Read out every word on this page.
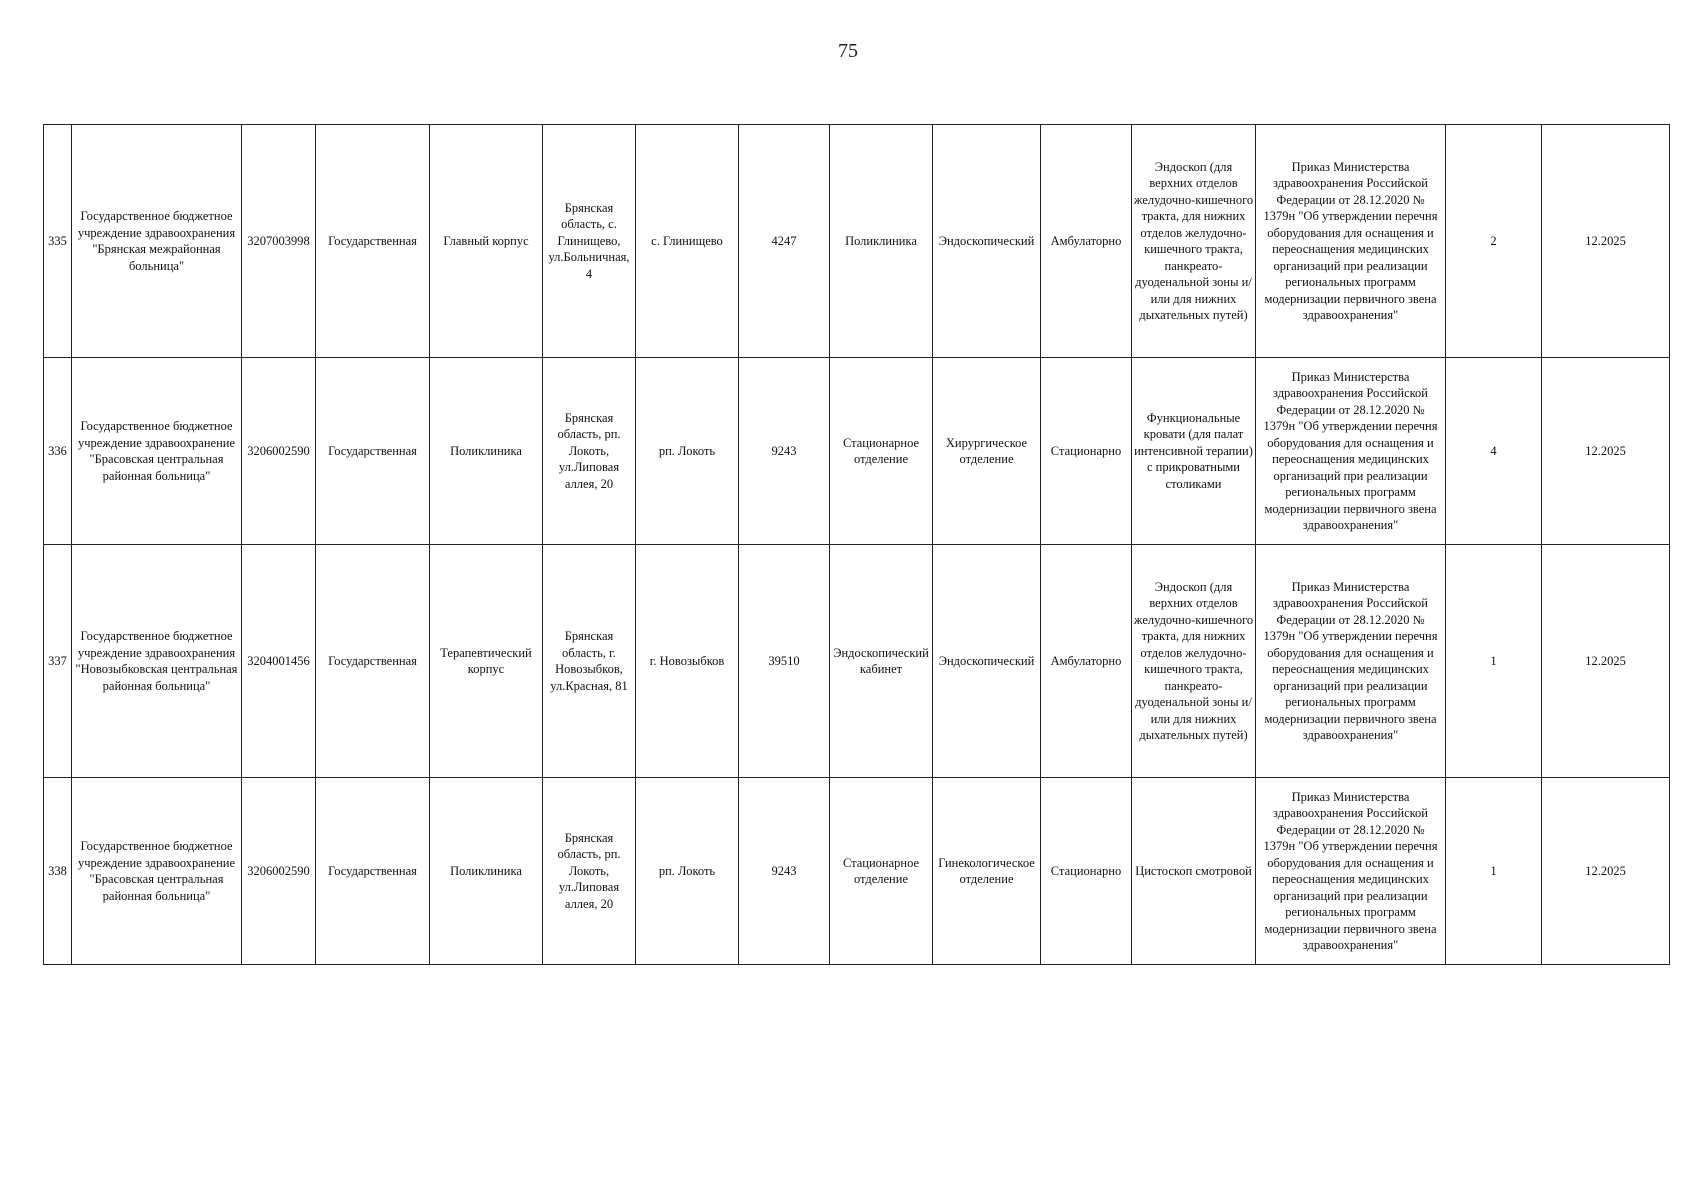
75
335	Государственное бюджетное учреждение здравоохранения "Брянская межрайонная больница"	3207003998	Государственная	Главный корпус	Брянская область, с. Глинищево, ул.Больничная, 4	с. Глинищево	4247	Поликлиника	Эндоскопический	Амбулаторно	Эндоскоп (для верхних отделов желудочно-кишечного тракта, для нижних отделов желудочно-кишечного тракта, панкреато-дуоденальной зоны и/или для нижних дыхательных путей)	Приказ Министерства здравоохранения Российской Федерации от 28.12.2020 № 1379н "Об утверждении перечня оборудования для оснащения и переоснащения медицинских организаций при реализации региональных программ модернизации первичного звена здравоохранения"	2	12.2025
336	Государственное бюджетное учреждение здравоохранение "Брасовская центральная районная больница"	3206002590	Государственная	Поликлиника	Брянская область, рп. Локоть, ул.Липовая аллея, 20	рп. Локоть	9243	Стационарное отделение	Хирургическое отделение	Стационарно	Функциональные кровати (для палат интенсивной терапии) с прикроватными столиками	Приказ Министерства здравоохранения Российской Федерации от 28.12.2020 № 1379н "Об утверждении перечня оборудования для оснащения и переоснащения медицинских организаций при реализации региональных программ модернизации первичного звена здравоохранения"	4	12.2025
337	Государственное бюджетное учреждение здравоохранения "Новозыбковская центральная районная больница"	3204001456	Государственная	Терапевтический корпус	Брянская область, г. Новозыбков, ул.Красная, 81	г. Новозыбков	39510	Эндоскопический кабинет	Эндоскопический	Амбулаторно	Эндоскоп (для верхних отделов желудочно-кишечного тракта, для нижних отделов желудочно-кишечного тракта, панкреато-дуоденальной зоны и/или для нижних дыхательных путей)	Приказ Министерства здравоохранения Российской Федерации от 28.12.2020 № 1379н "Об утверждении перечня оборудования для оснащения и переоснащения медицинских организаций при реализации региональных программ модернизации первичного звена здравоохранения"	1	12.2025
338	Государственное бюджетное учреждение здравоохранение "Брасовская центральная районная больница"	3206002590	Государственная	Поликлиника	Брянская область, рп. Локоть, ул.Липовая аллея, 20	рп. Локоть	9243	Стационарное отделение	Гинекологическое отделение	Стационарно	Цистоскоп смотровой	Приказ Министерства здравоохранения Российской Федерации от 28.12.2020 № 1379н "Об утверждении перечня оборудования для оснащения и переоснащения медицинских организаций при реализации региональных программ модернизации первичного звена здравоохранения"	1	12.2025
